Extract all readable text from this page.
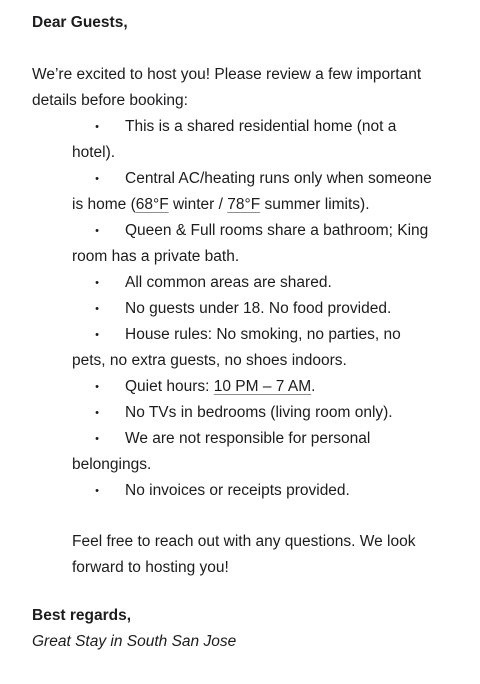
Dear Guests,
We’re excited to host you! Please review a few important
details before booking:
• This is a shared residential home (not a
hotel).
• Central AC/heating runs only when someone
is home (68°F winter / 78°F summer limits).
• Queen & Full rooms share a bathroom; King
room has a private bath.
• All common areas are shared.
• No guests under 18. No food provided.
• House rules: No smoking, no parties, no
pets, no extra guests, no shoes indoors.
• Quiet hours: 10 PM – 7 AM.
• No TVs in bedrooms (living room only).
• We are not responsible for personal
belongings.
• No invoices or receipts provided.
Feel free to reach out with any questions. We look
forward to hosting you!
Best regards,
Great Stay in South San Jose
